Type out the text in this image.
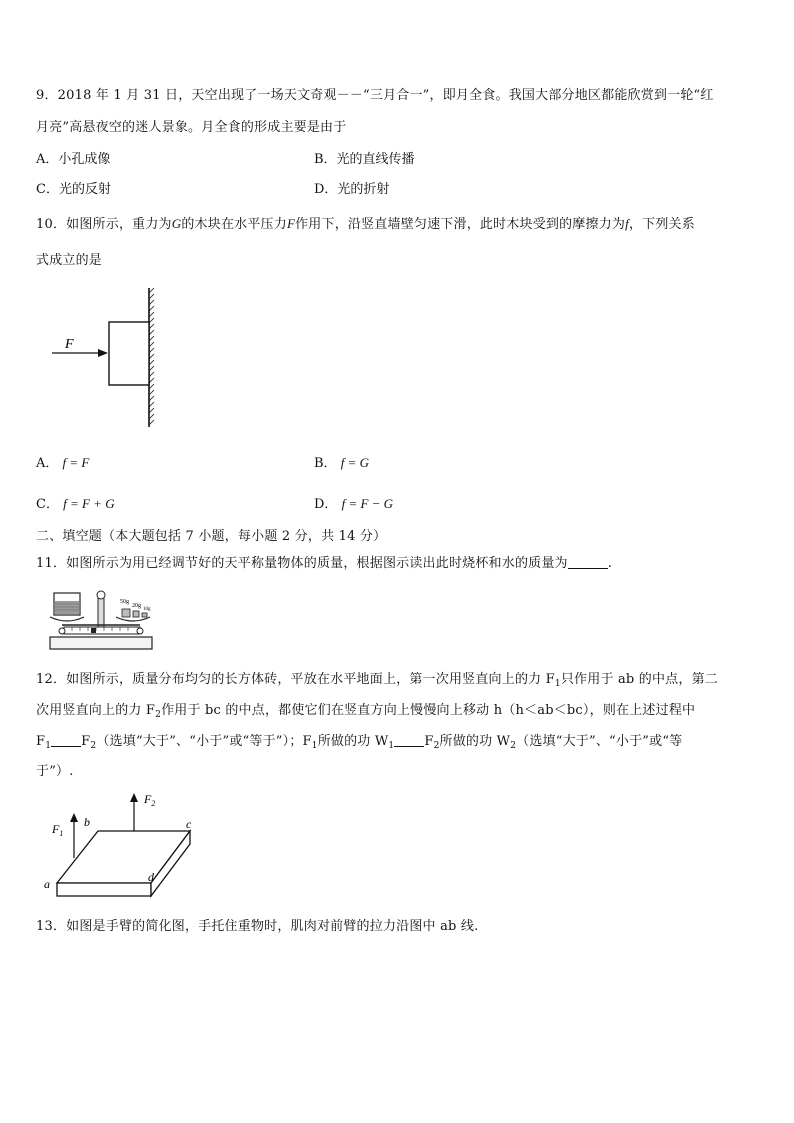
9．2018 年 1 月 31 日，天空出现了一场天文奇观－－“三月合一”，即月全食。我国大部分地区都能欣赏到一轮“红
月亮”高悬夜空的迷人景象。月全食的形成主要是由于
A．小孔成像	B．光的直线传播
C．光的反射	D．光的折射
10．如图所示，重力为G的木块在水平压力F作用下，沿竖直墙壁匀速下滑，此时木块受到的摩擦力为f，下列关系
式成立的是
F
A． f = F	B． f = G
C． f = F + G	D． f = F − G
二、填空题（本大题包括 7 小题，每小题 2 分，共 14 分）
11．如图所示为用已经调节好的天平称量物体的质量，根据图示读出此时烧杯和水的质量为	.
50g
20g
10g
12．如图所示，质量分布均匀的长方体砖，平放在水平地面上，第一次用竖直向上的力 $F_1$只作用于 ab 的中点，第二
次用竖直向上的力 $F_2$作用于 bc 的中点，都使它们在竖直方向上慢慢向上移动 h（h＜ab＜bc），则在上述过程中
$F_1$ $F_2$（选填“大于”、“小于”或“等于”）；$F_1$所做的功 $W_1$ $F_2$所做的功 $W_2$（选填“大于”、“小于”或“等
于”）.
$F_1$
$F_2$
a
b	c
d
13．如图是手臂的简化图，手托住重物时，肌肉对前臂的拉力沿图中 ab 线.
